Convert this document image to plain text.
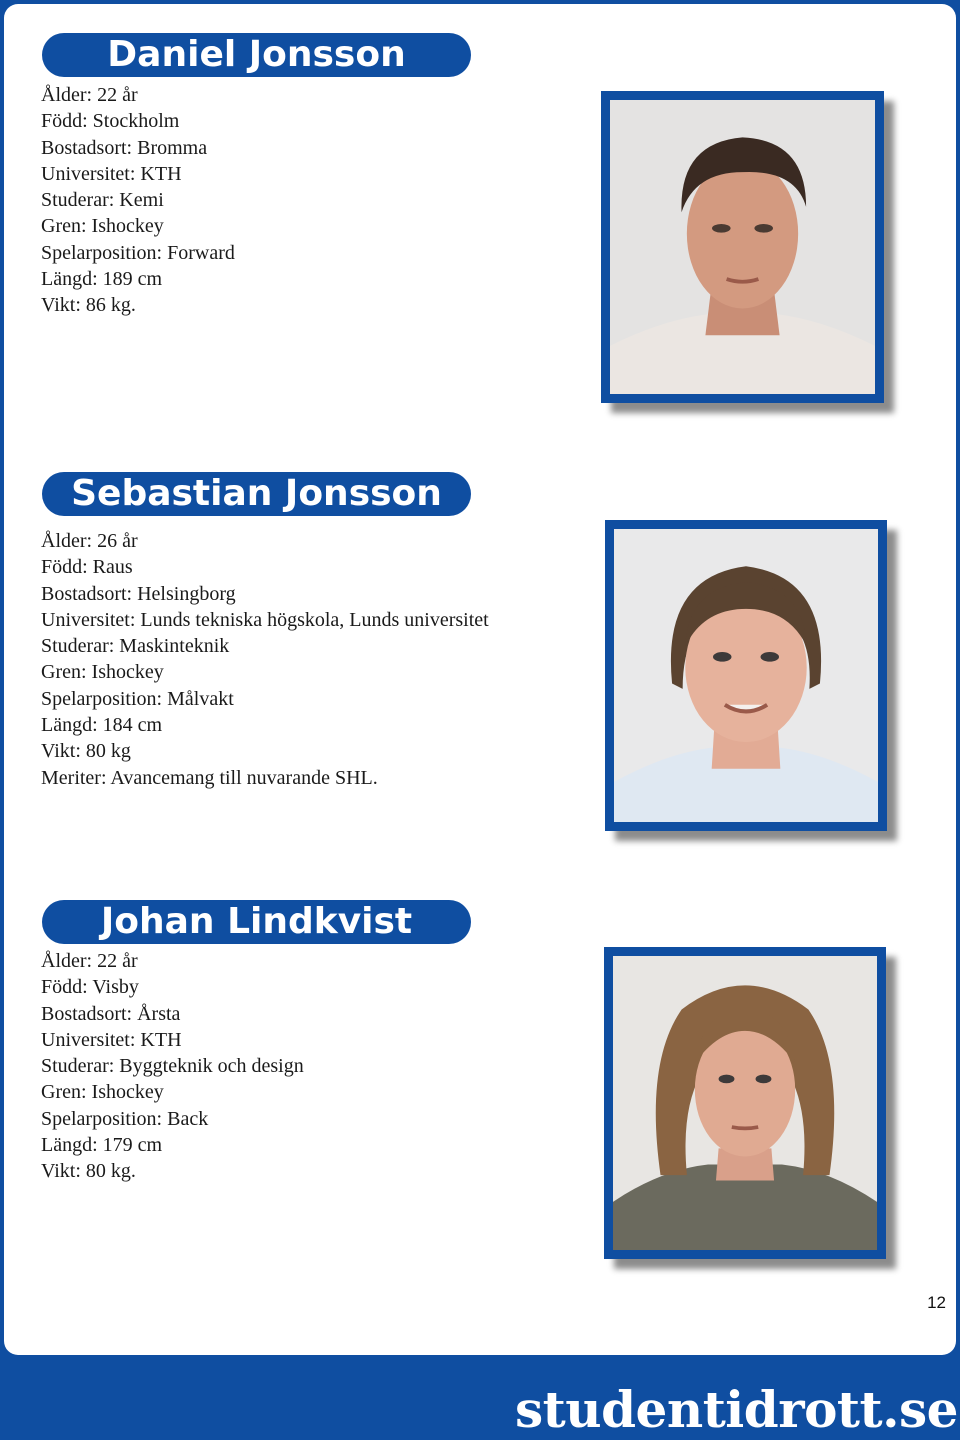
Daniel Jonsson
Ålder: 22 år
Född: Stockholm
Bostadsort: Bromma
Universitet: KTH
Studerar: Kemi
Gren: Ishockey
Spelarposition: Forward
Längd: 189 cm
Vikt: 86 kg.
Sebastian Jonsson
Ålder: 26 år
Född: Raus
Bostadsort: Helsingborg
Universitet: Lunds tekniska högskola, Lunds universitet
Studerar: Maskinteknik
Gren: Ishockey
Spelarposition: Målvakt
Längd: 184 cm
Vikt: 80 kg
Meriter: Avancemang till nuvarande SHL.
Johan Lindkvist
Ålder: 22 år
Född: Visby
Bostadsort: Årsta
Universitet: KTH
Studerar: Byggteknik och design
Gren: Ishockey
Spelarposition: Back
Längd: 179 cm
Vikt: 80 kg.
12
studentidrott.se
